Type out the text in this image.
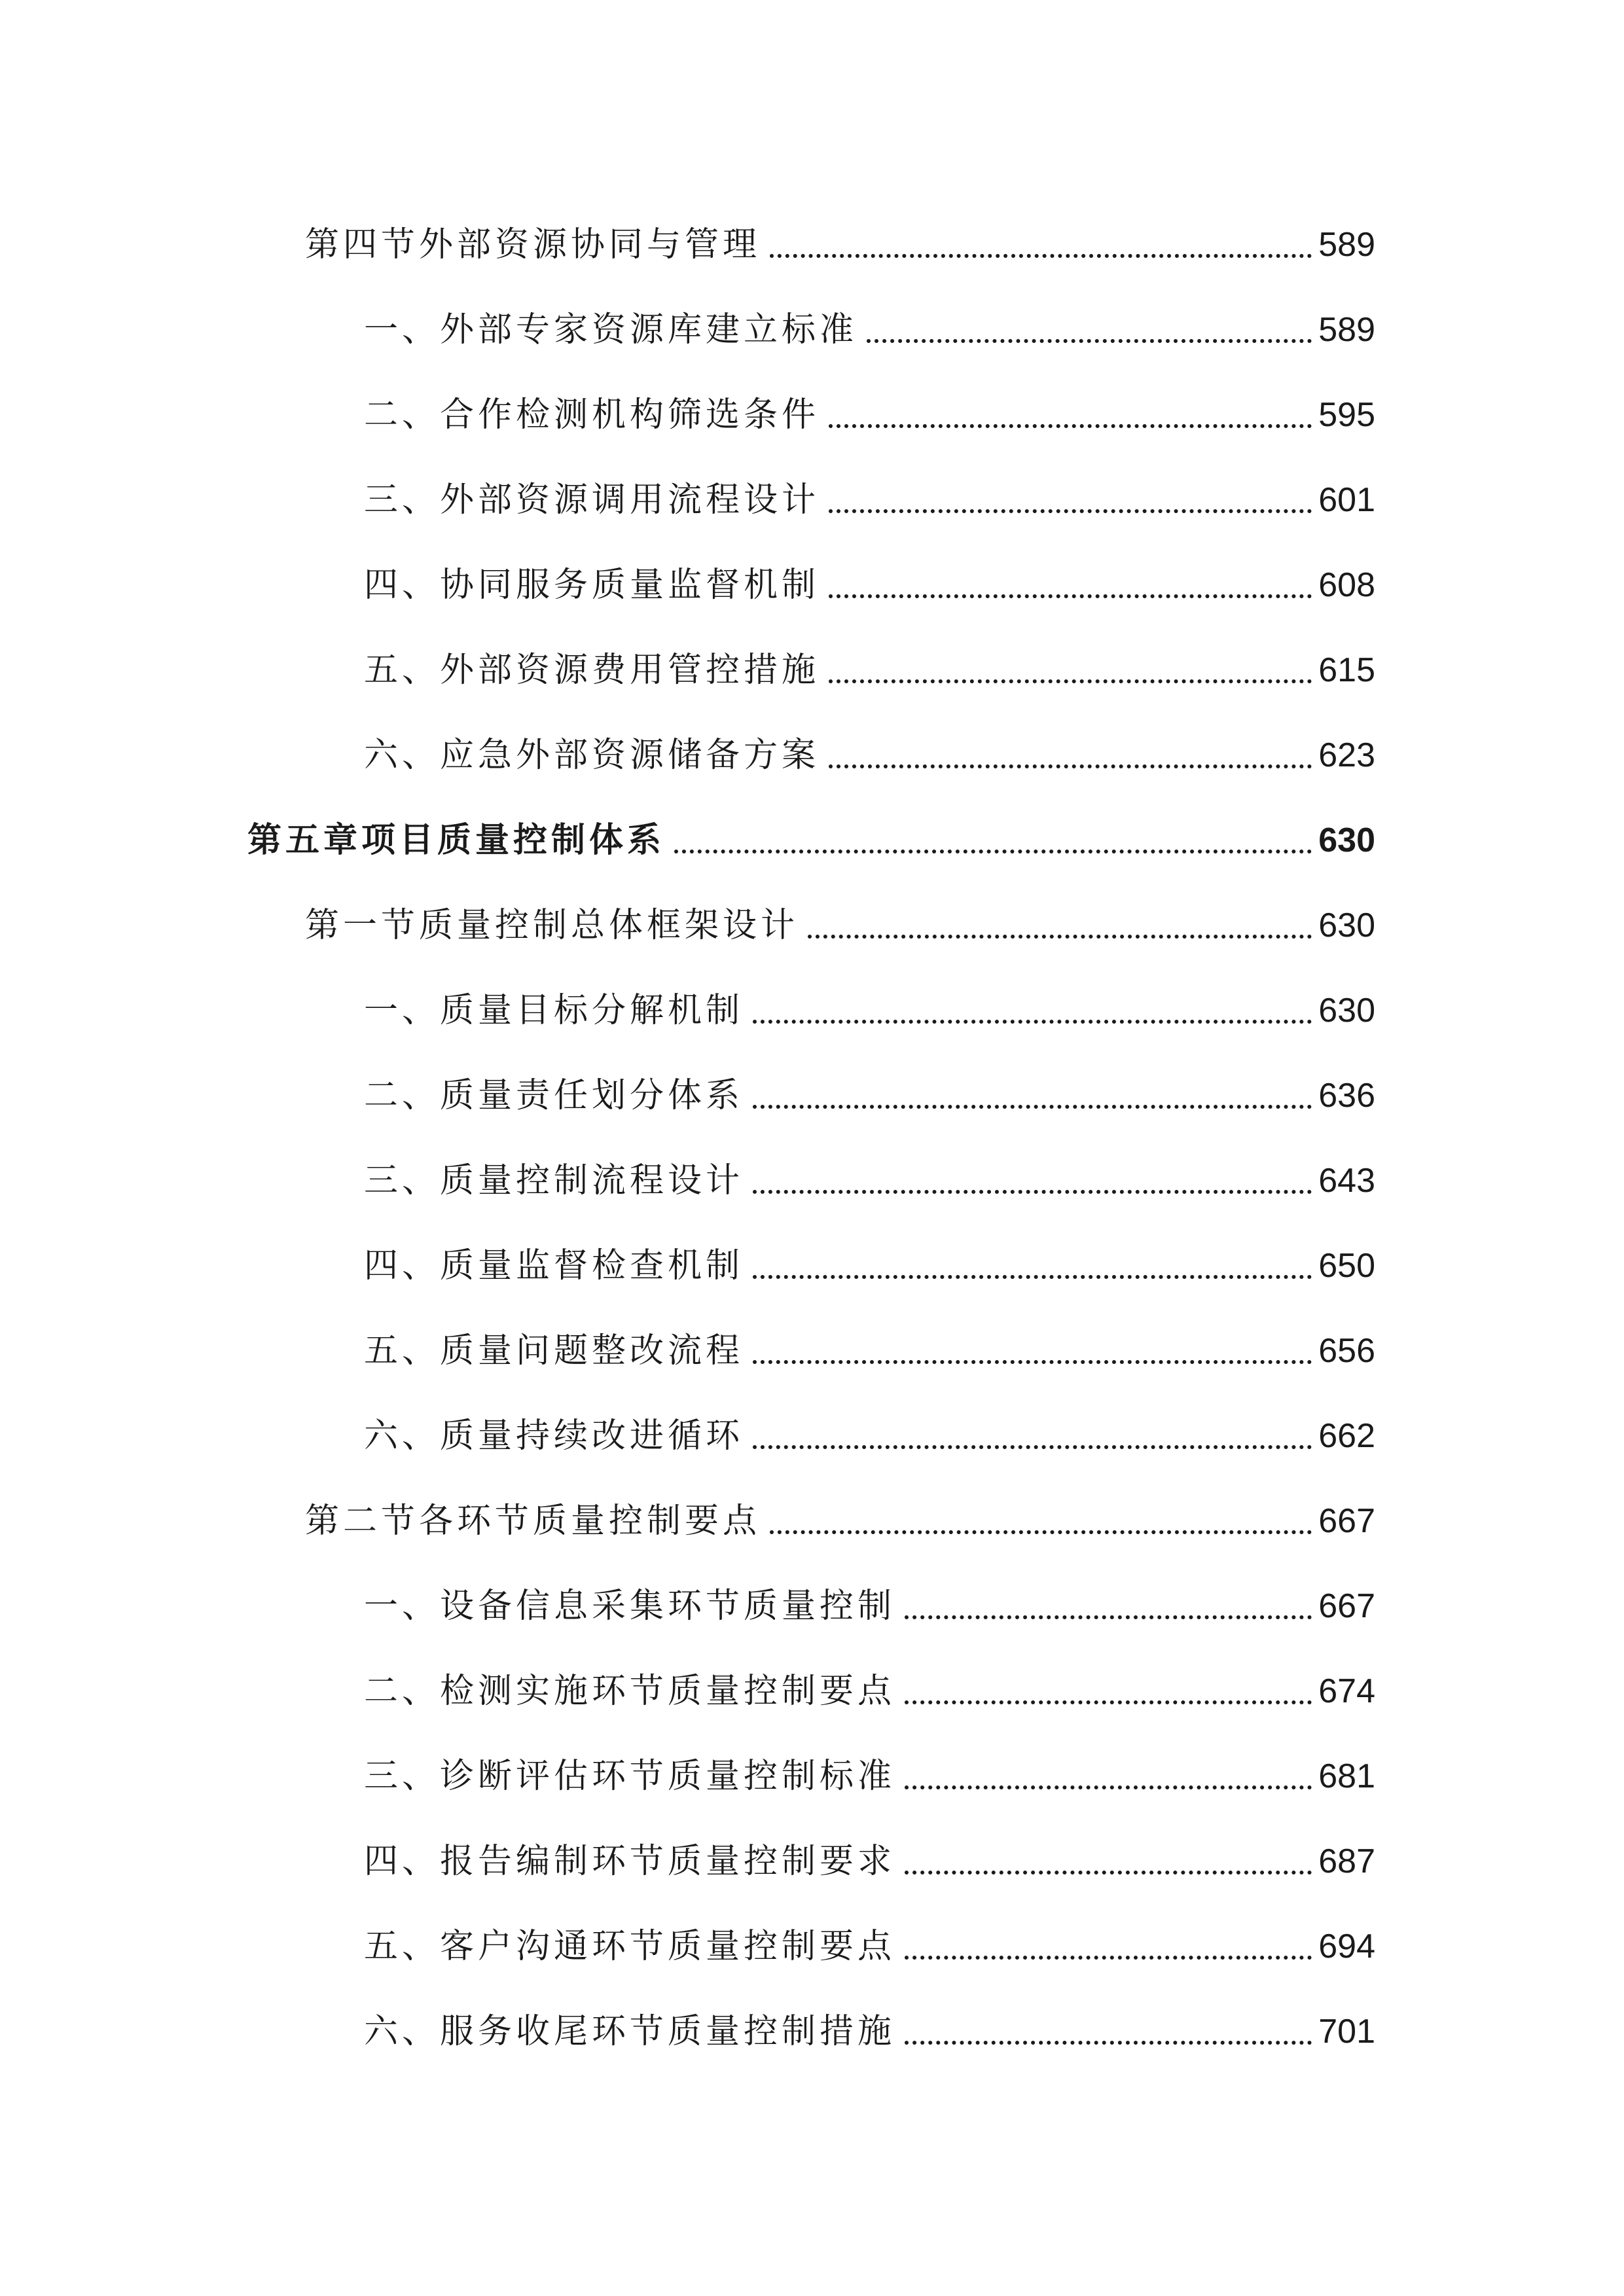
第四节外部资源协同与管理	589
一、外部专家资源库建立标准	589
二、合作检测机构筛选条件	595
三、外部资源调用流程设计	601
四、协同服务质量监督机制	608
五、外部资源费用管控措施	615
六、应急外部资源储备方案	623
第五章项目质量控制体系	630
第一节质量控制总体框架设计	630
一、质量目标分解机制	630
二、质量责任划分体系	636
三、质量控制流程设计	643
四、质量监督检查机制	650
五、质量问题整改流程	656
六、质量持续改进循环	662
第二节各环节质量控制要点	667
一、设备信息采集环节质量控制	667
二、检测实施环节质量控制要点	674
三、诊断评估环节质量控制标准	681
四、报告编制环节质量控制要求	687
五、客户沟通环节质量控制要点	694
六、服务收尾环节质量控制措施	701
